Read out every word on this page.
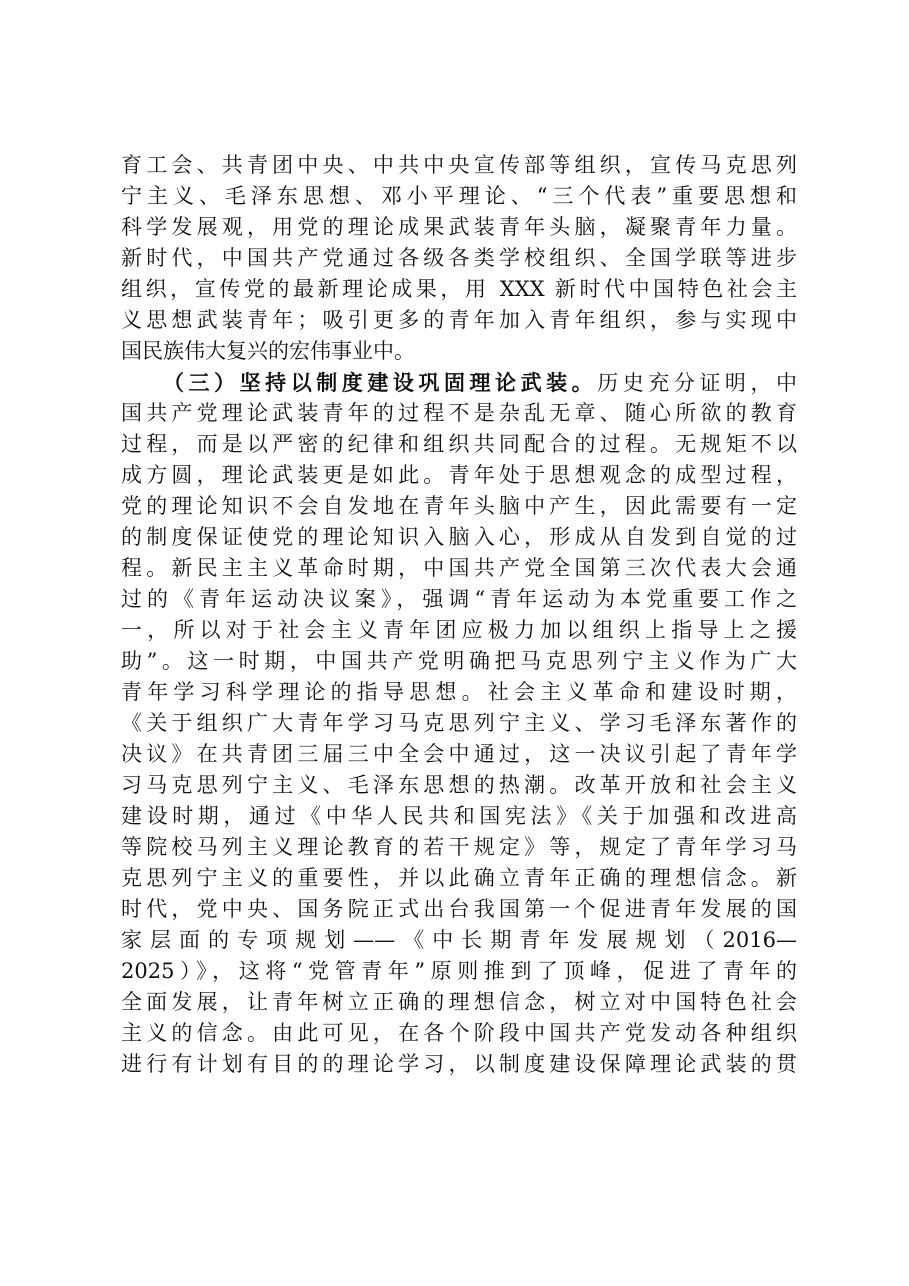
育工会、共青团中央、中共中央宣传部等组织，宣传马克思列
宁主义、毛泽东思想、邓小平理论、“三个代表”重要思想和
科学发展观，用党的理论成果武装青年头脑，凝聚青年力量。
新时代，中国共产党通过各级各类学校组织、全国学联等进步
组织，宣传党的最新理论成果，用 XXX 新时代中国特色社会主
义思想武装青年；吸引更多的青年加入青年组织，参与实现中
国民族伟大复兴的宏伟事业中。
（三）坚持以制度建设巩固理论武装。历史充分证明，中
国共产党理论武装青年的过程不是杂乱无章、随心所欲的教育
过程，而是以严密的纪律和组织共同配合的过程。无规矩不以
成方圆，理论武装更是如此。青年处于思想观念的成型过程，
党的理论知识不会自发地在青年头脑中产生，因此需要有一定
的制度保证使党的理论知识入脑入心，形成从自发到自觉的过
程。新民主主义革命时期，中国共产党全国第三次代表大会通
过的《青年运动决议案》，强调“青年运动为本党重要工作之
一，所以对于社会主义青年团应极力加以组织上指导上之援
助”。这一时期，中国共产党明确把马克思列宁主义作为广大
青年学习科学理论的指导思想。社会主义革命和建设时期，
《关于组织广大青年学习马克思列宁主义、学习毛泽东著作的
决议》在共青团三届三中全会中通过，这一决议引起了青年学
习马克思列宁主义、毛泽东思想的热潮。改革开放和社会主义
建设时期，通过《中华人民共和国宪法》《关于加强和改进高
等院校马列主义理论教育的若干规定》等，规定了青年学习马
克思列宁主义的重要性，并以此确立青年正确的理想信念。新
时代，党中央、国务院正式出台我国第一个促进青年发展的国
家层面的专项规划——《中长期青年发展规划（2016—
2025）》，这将“党管青年”原则推到了顶峰，促进了青年的
全面发展，让青年树立正确的理想信念，树立对中国特色社会
主义的信念。由此可见，在各个阶段中国共产党发动各种组织
进行有计划有目的的理论学习，以制度建设保障理论武装的贯
